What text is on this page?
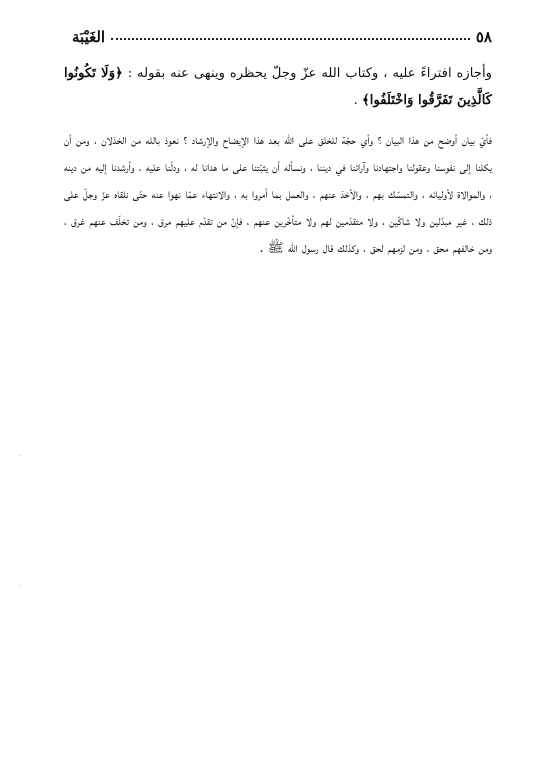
٥٨
الغَيْبَة

وأجازه افتراءً عليه ، وكتاب الله عزّ وجلّ يحظره وينهى عنه بقوله : ﴿وَلَا تَكُونُوا كَالَّذِينَ تَفَرَّقُوا وَاخْتَلَفُوا﴾ .

فأيّ بيان أوضح من هذا البيان ؟ وأي حجّة للخلق على الله بعد هذا الإيضاح والإرشاد ؟ نعوذ بالله من الخذلان ، ومن أن يكلنا إلى نفوسنا وعقولنا واجتهادنا وآرائنا في ديننا ، ونسأله أن يثبّتنا على ما هدانا له ، ودلّنا عليه ، وأرشدنا إليه من دينه ، والموالاة لأوليائه ، والتمسّك بهم ، والأخذ عنهم ، والعمل بما أمروا به ، والانتهاء عمّا نهوا عنه حتّى نلقاه عزّ وجلّ على ذلك ، غير مبدّلين ولا شاكّين ، ولا متقدّمين لهم ولا متأخّرين عنهم ، فإنّ من تقدّم عليهم مرق ، ومن تخلّف عنهم غرق ، ومن خالفهم محق ، ومن لزمهم لحق ، وكذلك قال رسول الله ﷺ .
